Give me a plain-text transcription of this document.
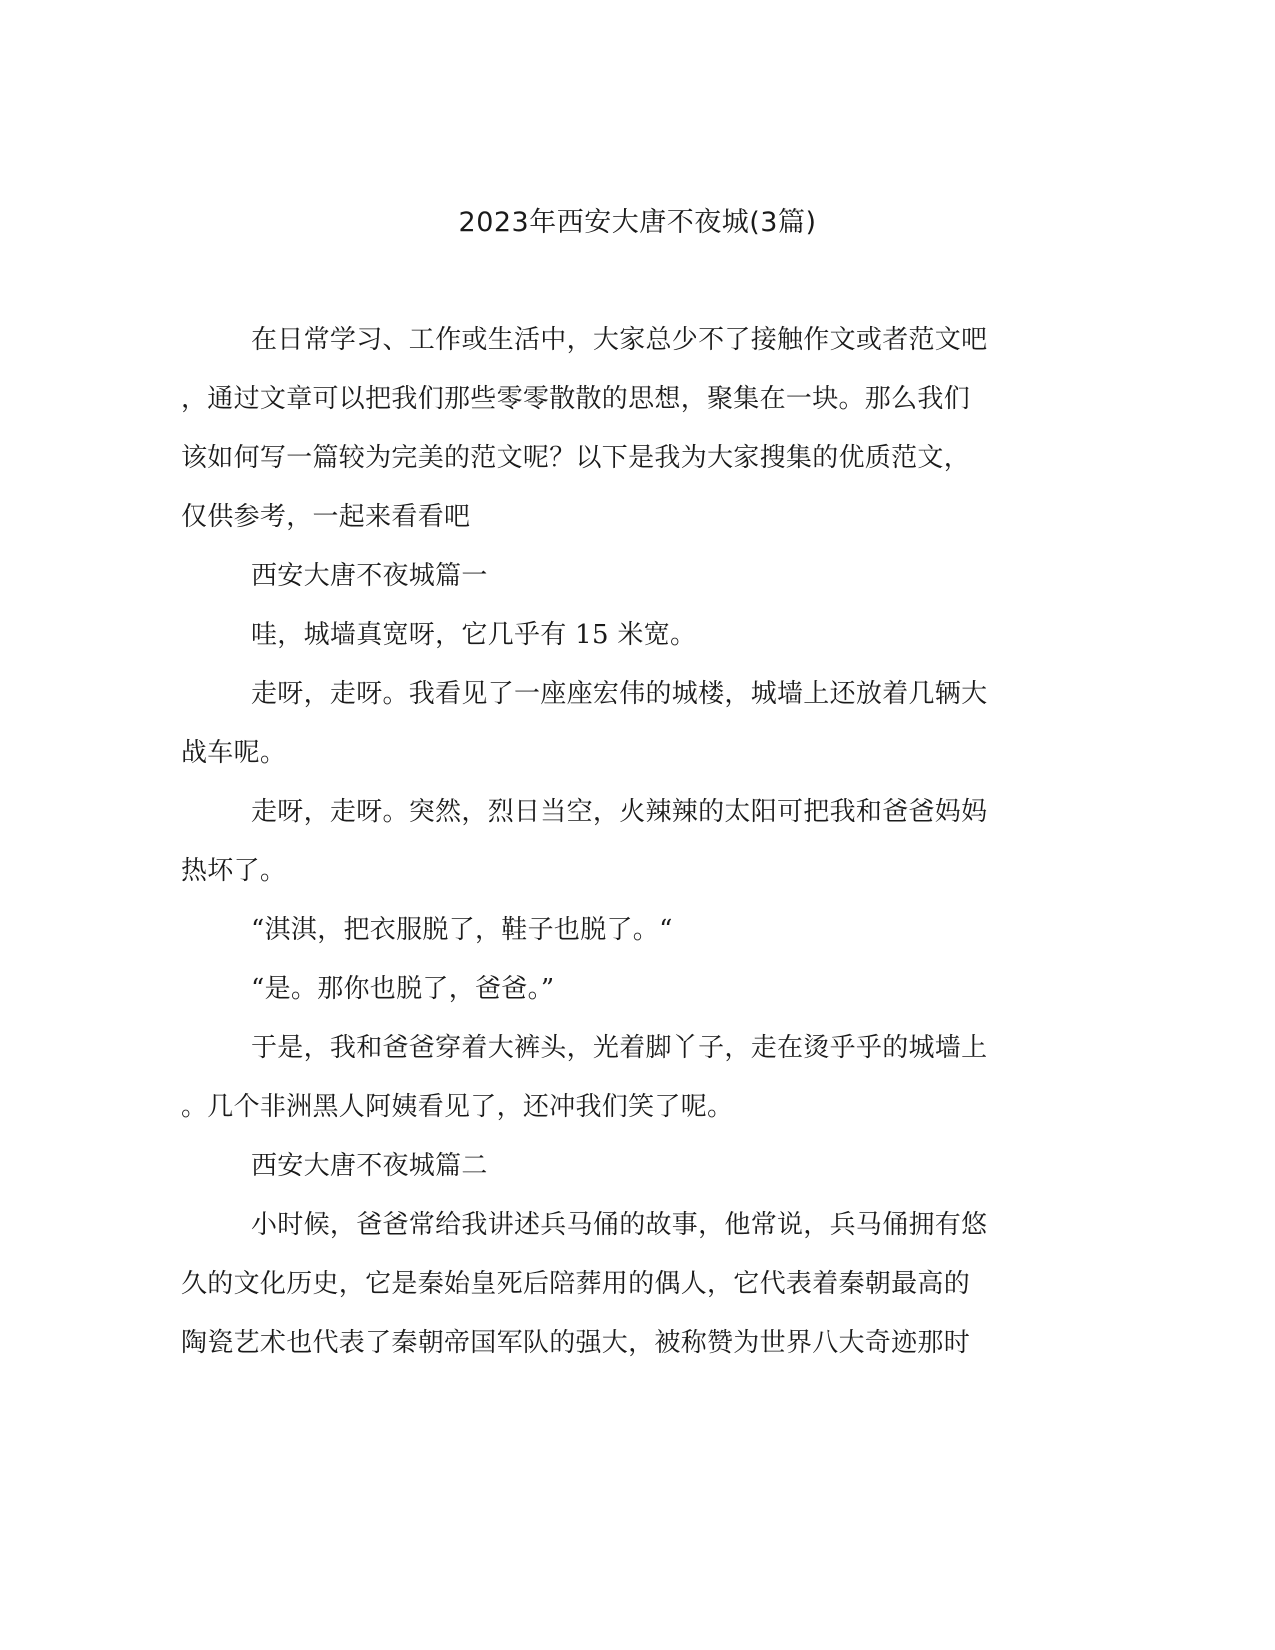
2023年西安大唐不夜城(3篇)

在日常学习、工作或生活中，大家总少不了接触作文或者范文吧
，通过文章可以把我们那些零零散散的思想，聚集在一块。那么我们
该如何写一篇较为完美的范文呢？以下是我为大家搜集的优质范文，
仅供参考，一起来看看吧

西安大唐不夜城篇一

哇，城墙真宽呀，它几乎有 15 米宽。

走呀，走呀。我看见了一座座宏伟的城楼，城墙上还放着几辆大
战车呢。

走呀，走呀。突然，烈日当空，火辣辣的太阳可把我和爸爸妈妈
热坏了。

“淇淇，把衣服脱了，鞋子也脱了。“

“是。那你也脱了，爸爸。”

于是，我和爸爸穿着大裤头，光着脚丫子，走在烫乎乎的城墙上
。几个非洲黑人阿姨看见了，还冲我们笑了呢。

西安大唐不夜城篇二

小时候，爸爸常给我讲述兵马俑的故事，他常说，兵马俑拥有悠
久的文化历史，它是秦始皇死后陪葬用的偶人，它代表着秦朝最高的
陶瓷艺术也代表了秦朝帝国军队的强大，被称赞为世界八大奇迹那时
